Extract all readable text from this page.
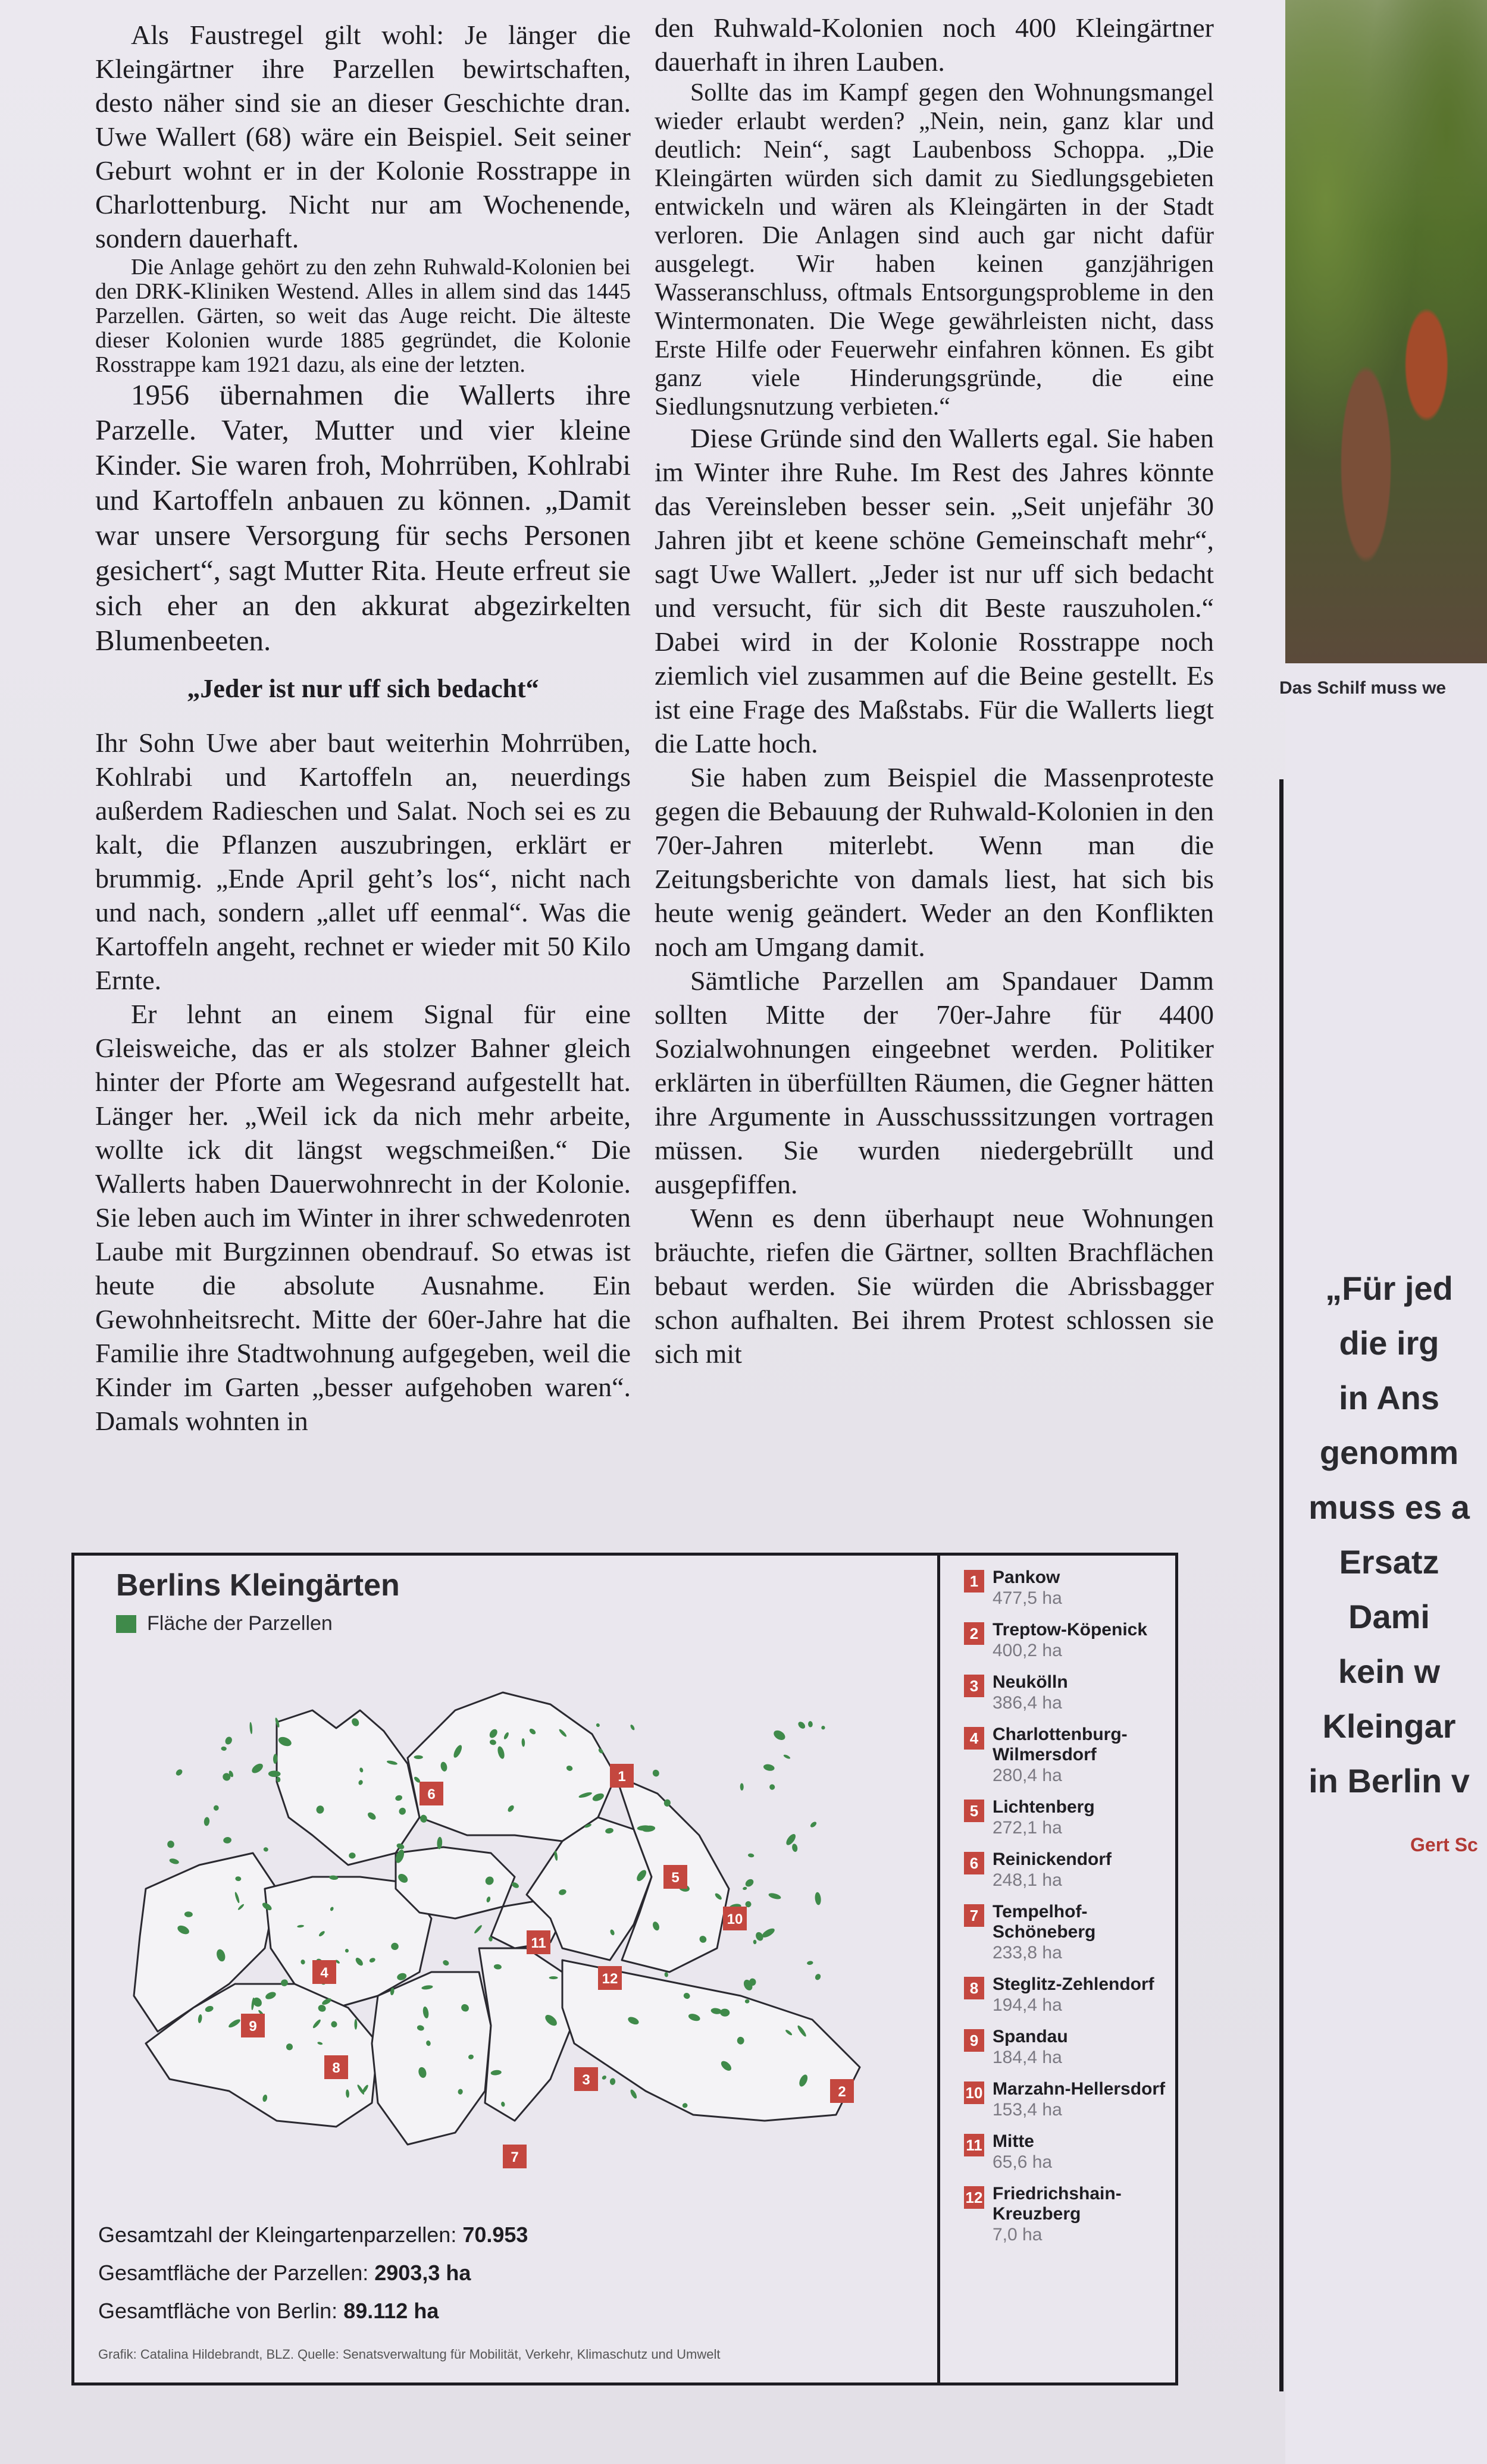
Als Faustregel gilt wohl: Je länger die Kleingärtner ihre Parzellen bewirtschaften, desto näher sind sie an dieser Geschichte dran. Uwe Wallert (68) wäre ein Beispiel. Seit seiner Geburt wohnt er in der Kolonie Rosstrappe in Charlottenburg. Nicht nur am Wochenende, sondern dauerhaft.

Die Anlage gehört zu den zehn Ruhwald-Kolonien bei den DRK-Kliniken Westend. Alles in allem sind das 1445 Parzellen. Gärten, so weit das Auge reicht. Die älteste dieser Kolonien wurde 1885 gegründet, die Kolonie Rosstrappe kam 1921 dazu, als eine der letzten.

1956 übernahmen die Wallerts ihre Parzelle. Vater, Mutter und vier kleine Kinder. Sie waren froh, Mohrrüben, Kohlrabi und Kartoffeln anbauen zu können. „Damit war unsere Versorgung für sechs Personen gesichert“, sagt Mutter Rita. Heute erfreut sie sich eher an den akkurat abgezirkelten Blumenbeeten.

„Jeder ist nur uff sich bedacht“

Ihr Sohn Uwe aber baut weiterhin Mohrrüben, Kohlrabi und Kartoffeln an, neuerdings außerdem Radieschen und Salat. Noch sei es zu kalt, die Pflanzen auszubringen, erklärt er brummig. „Ende April geht’s los“, nicht nach und nach, sondern „allet uff eenmal“. Was die Kartoffeln angeht, rechnet er wieder mit 50 Kilo Ernte.

Er lehnt an einem Signal für eine Gleisweiche, das er als stolzer Bahner gleich hinter der Pforte am Wegesrand aufgestellt hat. Länger her. „Weil ick da nich mehr arbeite, wollte ick dit längst wegschmeißen.“ Die Wallerts haben Dauerwohnrecht in der Kolonie. Sie leben auch im Winter in ihrer schwedenroten Laube mit Burgzinnen obendrauf. So etwas ist heute die absolute Ausnahme. Ein Gewohnheitsrecht. Mitte der 60er-Jahre hat die Familie ihre Stadtwohnung aufgegeben, weil die Kinder im Garten „besser aufgehoben waren“. Damals wohnten in

den Ruhwald-Kolonien noch 400 Kleingärtner dauerhaft in ihren Lauben.

Sollte das im Kampf gegen den Wohnungsmangel wieder erlaubt werden? „Nein, nein, ganz klar und deutlich: Nein“, sagt Laubenboss Schoppa. „Die Kleingärten würden sich damit zu Siedlungsgebieten entwickeln und wären als Kleingärten in der Stadt verloren. Die Anlagen sind auch gar nicht dafür ausgelegt. Wir haben keinen ganzjährigen Wasseranschluss, oftmals Entsorgungsprobleme in den Wintermonaten. Die Wege gewährleisten nicht, dass Erste Hilfe oder Feuerwehr einfahren können. Es gibt ganz viele Hinderungsgründe, die eine Siedlungsnutzung verbieten.“

Diese Gründe sind den Wallerts egal. Sie haben im Winter ihre Ruhe. Im Rest des Jahres könnte das Vereinsleben besser sein. „Seit unjefähr 30 Jahren jibt et keene schöne Gemeinschaft mehr“, sagt Uwe Wallert. „Jeder ist nur uff sich bedacht und versucht, für sich dit Beste rauszuholen.“ Dabei wird in der Kolonie Rosstrappe noch ziemlich viel zusammen auf die Beine gestellt. Es ist eine Frage des Maßstabs. Für die Wallerts liegt die Latte hoch.

Sie haben zum Beispiel die Massenproteste gegen die Bebauung der Ruhwald-Kolonien in den 70er-Jahren miterlebt. Wenn man die Zeitungsberichte von damals liest, hat sich bis heute wenig geändert. Weder an den Konflikten noch am Umgang damit.

Sämtliche Parzellen am Spandauer Damm sollten Mitte der 70er-Jahre für 4400 Sozialwohnungen eingeebnet werden. Politiker erklärten in überfüllten Räumen, die Gegner hätten ihre Argumente in Ausschusssitzungen vortragen müssen. Sie wurden niedergebrüllt und ausgepfiffen.

Wenn es denn überhaupt neue Wohnungen bräuchte, riefen die Gärtner, sollten Brachflächen bebaut werden. Sie würden die Abrissbagger schon aufhalten. Bei ihrem Protest schlossen sie sich mit

Das Schilf muss we
„Für jed
die irg
in Ans
genomm
muss es a
Ersatz
Dami
kein w
Kleingar
in Berlin v
Gert Sc
Berlins Kleingärten
Fläche der Parzellen
1
2
3
4
5
6
7
8
9
10
11
12
Gesamtzahl der Kleingartenparzellen: 70.953
Gesamtfläche der Parzellen: 2903,3 ha
Gesamtfläche von Berlin: 89.112 ha
Grafik: Catalina Hildebrandt, BLZ. Quelle: Senatsverwaltung für Mobilität, Verkehr, Klimaschutz und Umwelt
1 Pankow
477,5 ha
2 Treptow-Köpenick
400,2 ha
3 Neukölln
386,4 ha
4 Charlottenburg-Wilmersdorf
280,4 ha
5 Lichtenberg
272,1 ha
6 Reinickendorf
248,1 ha
7 Tempelhof-Schöneberg
233,8 ha
8 Steglitz-Zehlendorf
194,4 ha
9 Spandau
184,4 ha
10 Marzahn-Hellersdorf
153,4 ha
11 Mitte
65,6 ha
12 Friedrichshain-Kreuzberg
7,0 ha
